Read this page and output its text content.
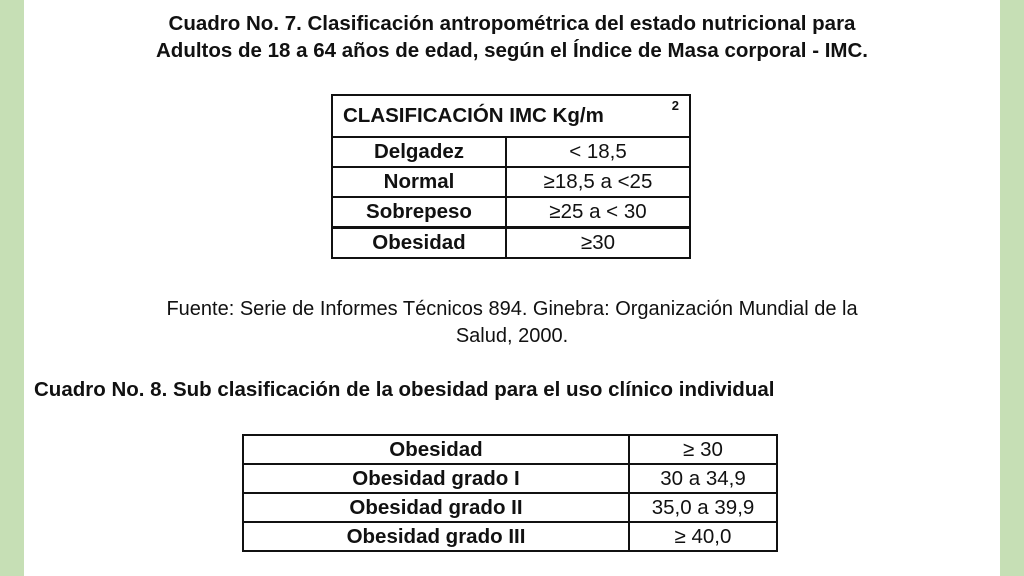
Cuadro No. 7. Clasificación antropométrica del estado nutricional para
Adultos de 18 a 64 años de edad, según el Índice de Masa corporal - IMC.
CLASIFICACIÓN IMC Kg/m 2	

Delgadez	< 18,5
Normal	≥18,5 a <25
Sobrepeso	≥25 a < 30
Obesidad	≥30
Fuente: Serie de Informes Técnicos 894. Ginebra: Organización Mundial de la
Salud, 2000.
Cuadro No. 8. Sub clasificación de la obesidad para el uso clínico individual
Obesidad	≥ 30
Obesidad grado I	30 a 34,9
Obesidad grado II	35,0 a 39,9
Obesidad grado III	≥ 40,0
